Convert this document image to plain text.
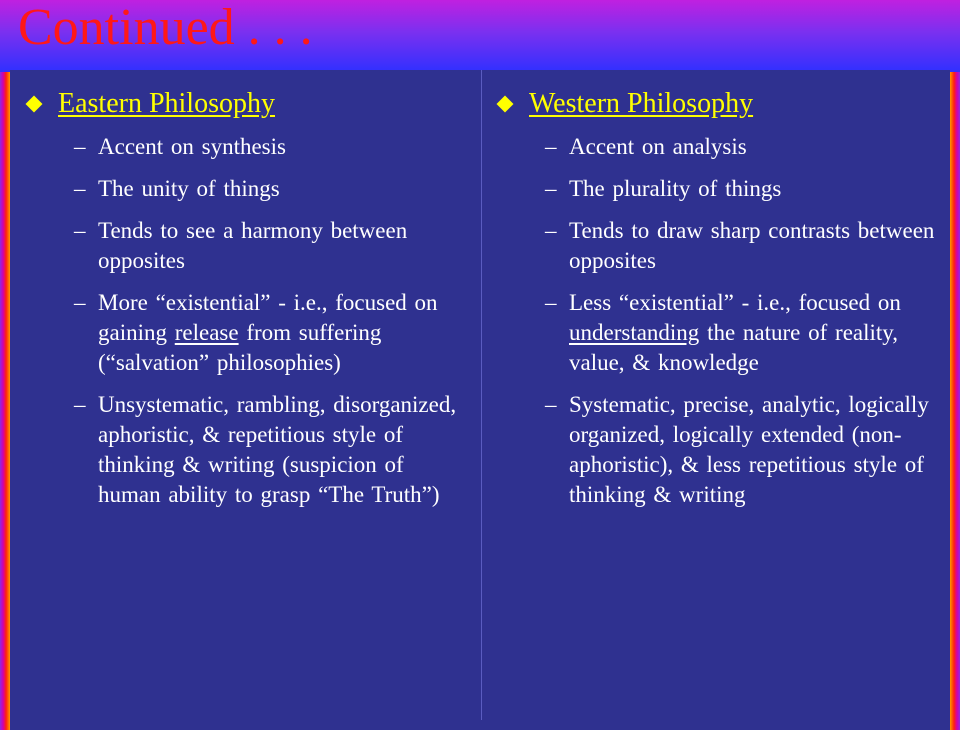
Continued . . .
Eastern Philosophy
– Accent on synthesis
– The unity of things
– Tends to see a harmony between opposites
– More “existential” - i.e., focused on gaining release from suffering (“salvation” philosophies)
– Unsystematic, rambling, disorganized, aphoristic, & repetitious style of thinking & writing (suspicion of human ability to grasp “The Truth”)
Western Philosophy
– Accent on analysis
– The plurality of things
– Tends to draw sharp contrasts between opposites
– Less “existential” - i.e., focused on understanding the nature of reality, value, & knowledge
– Systematic, precise, analytic, logically organized, logically extended (non-aphoristic), & less repetitious style of thinking & writing
